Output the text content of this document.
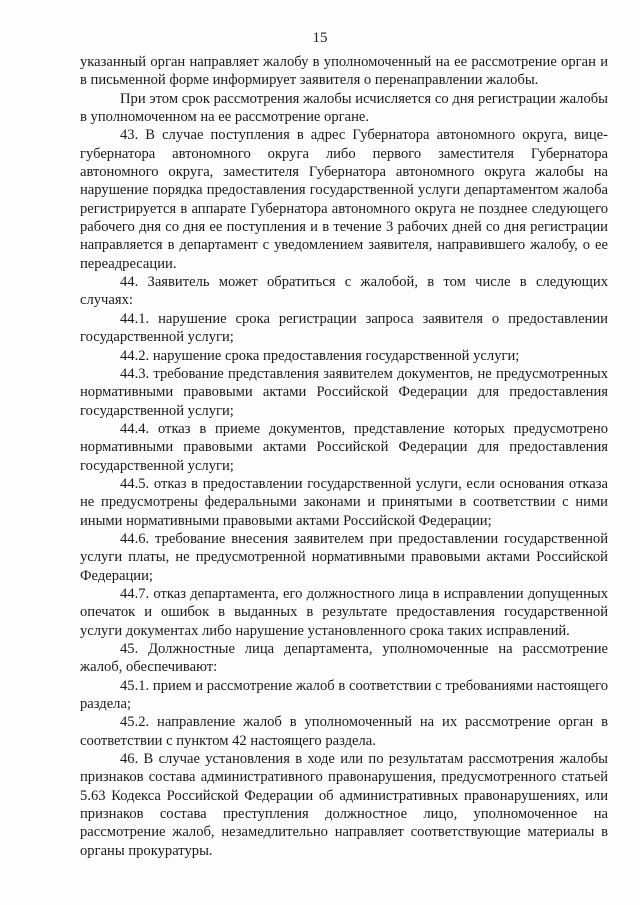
15

указанный орган направляет жалобу в уполномоченный на ее рассмотрение орган и в письменной форме информирует заявителя о перенаправлении жалобы.

При этом срок рассмотрения жалобы исчисляется со дня регистрации жалобы в уполномоченном на ее рассмотрение органе.

43. В случае поступления в адрес Губернатора автономного округа, вице-губернатора автономного округа либо первого заместителя Губернатора автономного округа, заместителя Губернатора автономного округа жалобы на нарушение порядка предоставления государственной услуги департаментом жалоба регистрируется в аппарате Губернатора автономного округа не позднее следующего рабочего дня со дня ее поступления и в течение 3 рабочих дней со дня регистрации направляется в департамент с уведомлением заявителя, направившего жалобу, о ее переадресации.

44. Заявитель может обратиться с жалобой, в том числе в следующих случаях:

44.1. нарушение срока регистрации запроса заявителя о предоставлении государственной услуги;

44.2. нарушение срока предоставления государственной услуги;

44.3. требование представления заявителем документов, не предусмотренных нормативными правовыми актами Российской Федерации для предоставления государственной услуги;

44.4. отказ в приеме документов, представление которых предусмотрено нормативными правовыми актами Российской Федерации для предоставления государственной услуги;

44.5. отказ в предоставлении государственной услуги, если основания отказа не предусмотрены федеральными законами и принятыми в соответствии с ними иными нормативными правовыми актами Российской Федерации;

44.6. требование внесения заявителем при предоставлении государственной услуги платы, не предусмотренной нормативными правовыми актами Российской Федерации;

44.7. отказ департамента, его должностного лица в исправлении допущенных опечаток и ошибок в выданных в результате предоставления государственной услуги документах либо нарушение установленного срока таких исправлений.

45. Должностные лица департамента, уполномоченные на рассмотрение жалоб, обеспечивают:

45.1. прием и рассмотрение жалоб в соответствии с требованиями настоящего раздела;

45.2. направление жалоб в уполномоченный на их рассмотрение орган в соответствии с пунктом 42 настоящего раздела.

46. В случае установления в ходе или по результатам рассмотрения жалобы признаков состава административного правонарушения, предусмотренного статьей 5.63 Кодекса Российской Федерации об административных правонарушениях, или признаков состава преступления должностное лицо, уполномоченное на рассмотрение жалоб, незамедлительно направляет соответствующие материалы в органы прокуратуры.
